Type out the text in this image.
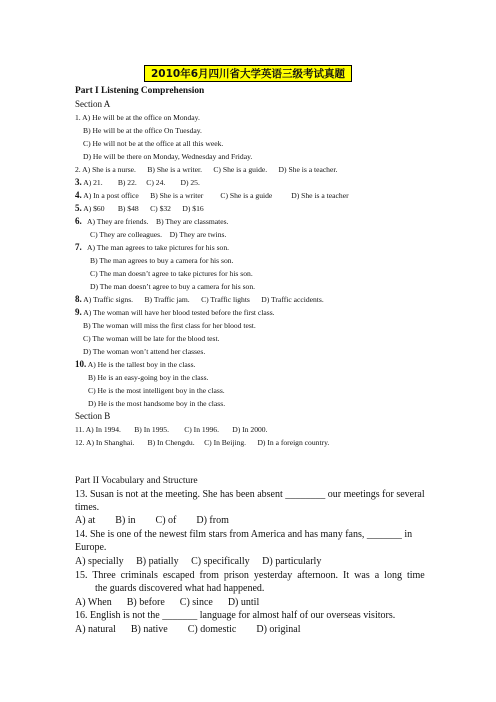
2010年6月四川省大学英语三级考试真题
Part I Listening Comprehension
Section A
1. A) He will be at the office on Monday.
B) He will be at the office On Tuesday.
C) He will not be at the office at all this week.
D) He will be there on Monday, Wednesday and Friday.
2. A) She is a nurse.      B) She is a writer.      C) She is a guide.      D) She is a teacher.
3. A) 21.        B) 22.     C) 24.        D) 25.
4. A) In a post office      B) She is a writer         C) She is a guide          D) She is a teacher
5. A) $60       B) $48      C) $32      D) $16
6.   A) They are friends.    B) They are classmates.
C) They are colleagues.    D) They are twins.
7.   A) The man agrees to take pictures for his son.
B) The man agrees to buy a camera for his son.
C) The man doesn’t agree to take pictures for his son.
D) The man doesn’t agree to buy a camera for his son.
8. A) Traffic signs.      B) Traffic jam.      C) Traffic lights      D) Traffic accidents.
9. A) The woman will have her blood tested before the first class.
B) The woman will miss the first class for her blood test.
C) The woman will be late for the blood test.
D) The woman won’t attend her classes.
10. A) He is the tallest boy in the class.
B) He is an easy-going boy in the class.
C) He is the most intelligent boy in the class.
D) He is the most handsome boy in the class.
Section B
11. A) In 1994.       B) In 1995.        C) In 1996.       D) In 2000.
12. A) In Shanghai.       B) In Chengdu.     C) In Beijing.      D) In a foreign country.
Part II Vocabulary and Structure
13. Susan is not at the meeting. She has been absent ________ our meetings for several
times.
A) at        B) in        C) of        D) from
14. She is one of the newest film stars from America and has many fans, _______ in
Europe.
A) specially     B) patially     C) specifically     D) particularly
15.  Three  criminals  escaped  from  prison  yesterday  afternoon.  It  was  a  long  time
the guards discovered what had happened.
A) When      B) before      C) since      D) until
16. English is not the _______ language for almost half of our overseas visitors.
A) natural      B) native        C) domestic        D) original
